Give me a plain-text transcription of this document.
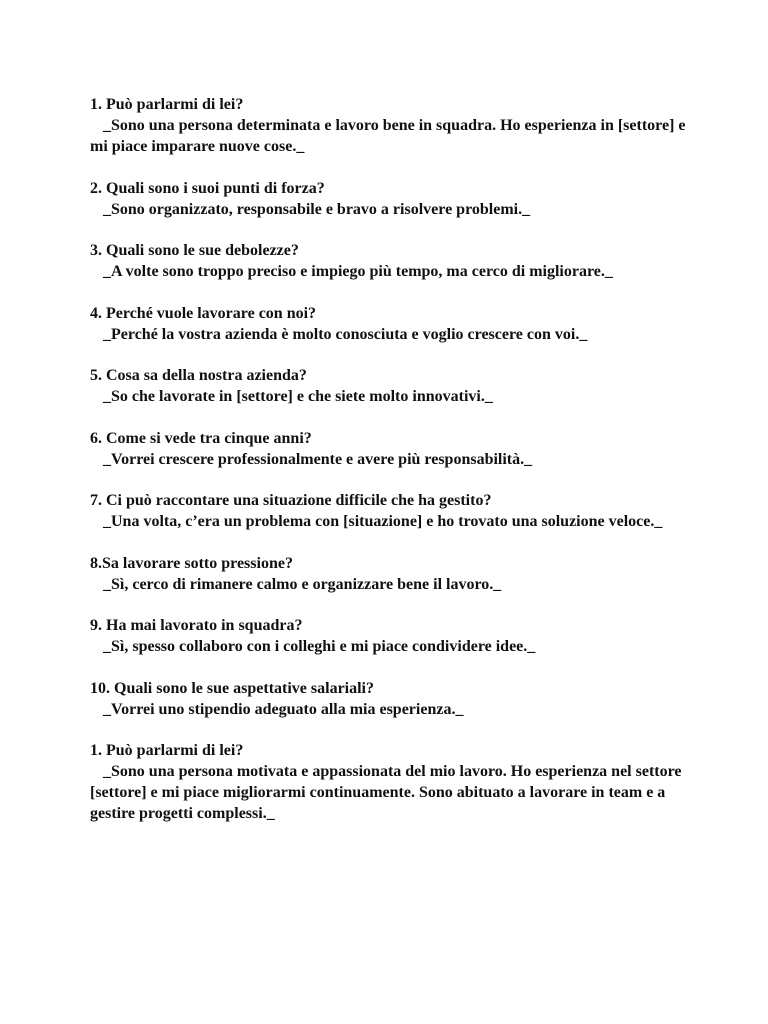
1. Può parlarmi di lei?
_Sono una persona determinata e lavoro bene in squadra. Ho esperienza in [settore] e mi piace imparare nuove cose._
2. Quali sono i suoi punti di forza?
_Sono organizzato, responsabile e bravo a risolvere problemi._
3. Quali sono le sue debolezze?
_A volte sono troppo preciso e impiego più tempo, ma cerco di migliorare._
4. Perché vuole lavorare con noi?
_Perché la vostra azienda è molto conosciuta e voglio crescere con voi._
5. Cosa sa della nostra azienda?
_So che lavorate in [settore] e che siete molto innovativi._
6. Come si vede tra cinque anni?
_Vorrei crescere professionalmente e avere più responsabilità._
7. Ci può raccontare una situazione difficile che ha gestito?
_Una volta, c’era un problema con [situazione] e ho trovato una soluzione veloce._
8.Sa lavorare sotto pressione?
_Sì, cerco di rimanere calmo e organizzare bene il lavoro._
9. Ha mai lavorato in squadra?
_Sì, spesso collaboro con i colleghi e mi piace condividere idee._
10. Quali sono le sue aspettative salariali?
_Vorrei uno stipendio adeguato alla mia esperienza._
1. Può parlarmi di lei?
_Sono una persona motivata e appassionata del mio lavoro. Ho esperienza nel settore [settore] e mi piace migliorarmi continuamente. Sono abituato a lavorare in team e a gestire progetti complessi._
